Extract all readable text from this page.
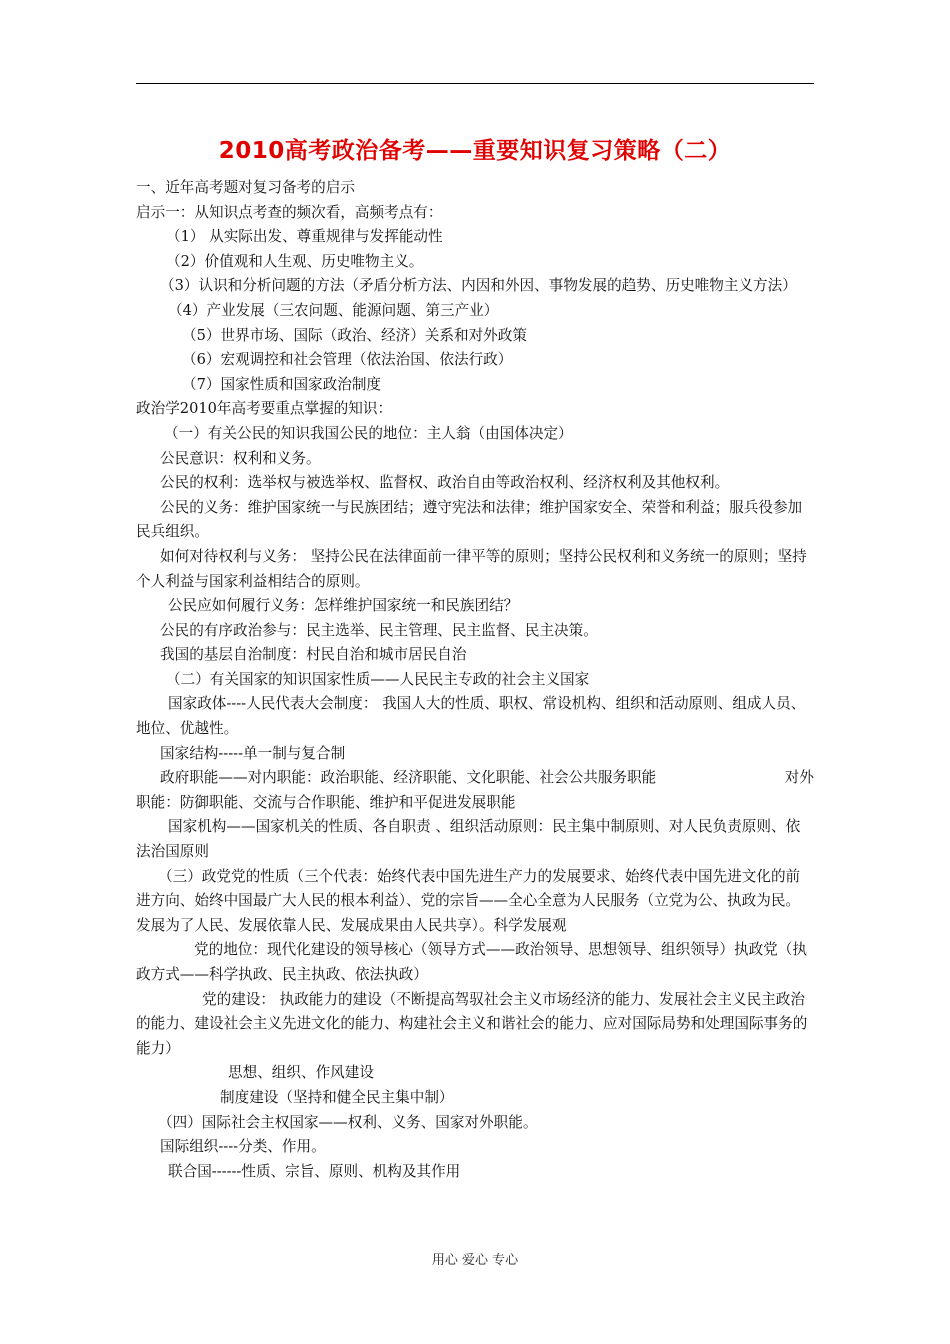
2010高考政治备考——重要知识复习策略（二）
一、近年高考题对复习备考的启示
启示一：从知识点考查的频次看，高频考点有：
（1） 从实际出发、尊重规律与发挥能动性
（2）价值观和人生观、历史唯物主义。
（3）认识和分析问题的方法（矛盾分析方法、内因和外因、事物发展的趋势、历史唯物主义方法）
（4）产业发展（三农问题、能源问题、第三产业）
（5）世界市场、国际（政治、经济）关系和对外政策
（6）宏观调控和社会管理（依法治国、依法行政）
（7）国家性质和国家政治制度
政治学2010年高考要重点掌握的知识：
（一）有关公民的知识我国公民的地位：主人翁（由国体决定）
公民意识：权利和义务。
公民的权利：选举权与被选举权、监督权、政治自由等政治权利、经济权利及其他权利。
公民的义务：维护国家统一与民族团结；遵守宪法和法律；维护国家安全、荣誉和利益；服兵役参加民兵组织。
如何对待权利与义务： 坚持公民在法律面前一律平等的原则；坚持公民权利和义务统一的原则；坚持个人利益与国家利益相结合的原则。
公民应如何履行义务：怎样维护国家统一和民族团结？
公民的有序政治参与：民主选举、民主管理、民主监督、民主决策。
我国的基层自治制度：村民自治和城市居民自治
（二）有关国家的知识国家性质——人民民主专政的社会主义国家
国家政体----人民代表大会制度： 我国人大的性质、职权、常设机构、组织和活动原则、组成人员、地位、优越性。
国家结构-----单一制与复合制
政府职能——对内职能：政治职能、经济职能、文化职能、社会公共服务职能	对外
职能：防御职能、交流与合作职能、维护和平促进发展职能
国家机构——国家机关的性质、各自职责 、组织活动原则：民主集中制原则、对人民负责原则、依法治国原则
（三）政党党的性质（三个代表：始终代表中国先进生产力的发展要求、始终代表中国先进文化的前进方向、始终中国最广大人民的根本利益）、党的宗旨——全心全意为人民服务（立党为公、执政为民。发展为了人民、发展依靠人民、发展成果由人民共享）。科学发展观
党的地位：现代化建设的领导核心（领导方式——政治领导、思想领导、组织领导）执政党（执政方式——科学执政、民主执政、依法执政）
党的建设： 执政能力的建设（不断提高驾驭社会主义市场经济的能力、发展社会主义民主政治的能力、建设社会主义先进文化的能力、构建社会主义和谐社会的能力、应对国际局势和处理国际事务的能力）
思想、组织、作风建设
制度建设（坚持和健全民主集中制）
（四）国际社会主权国家——权利、义务、国家对外职能。
国际组织----分类、作用。
联合国------性质、宗旨、原则、机构及其作用
用心 爱心 专心
